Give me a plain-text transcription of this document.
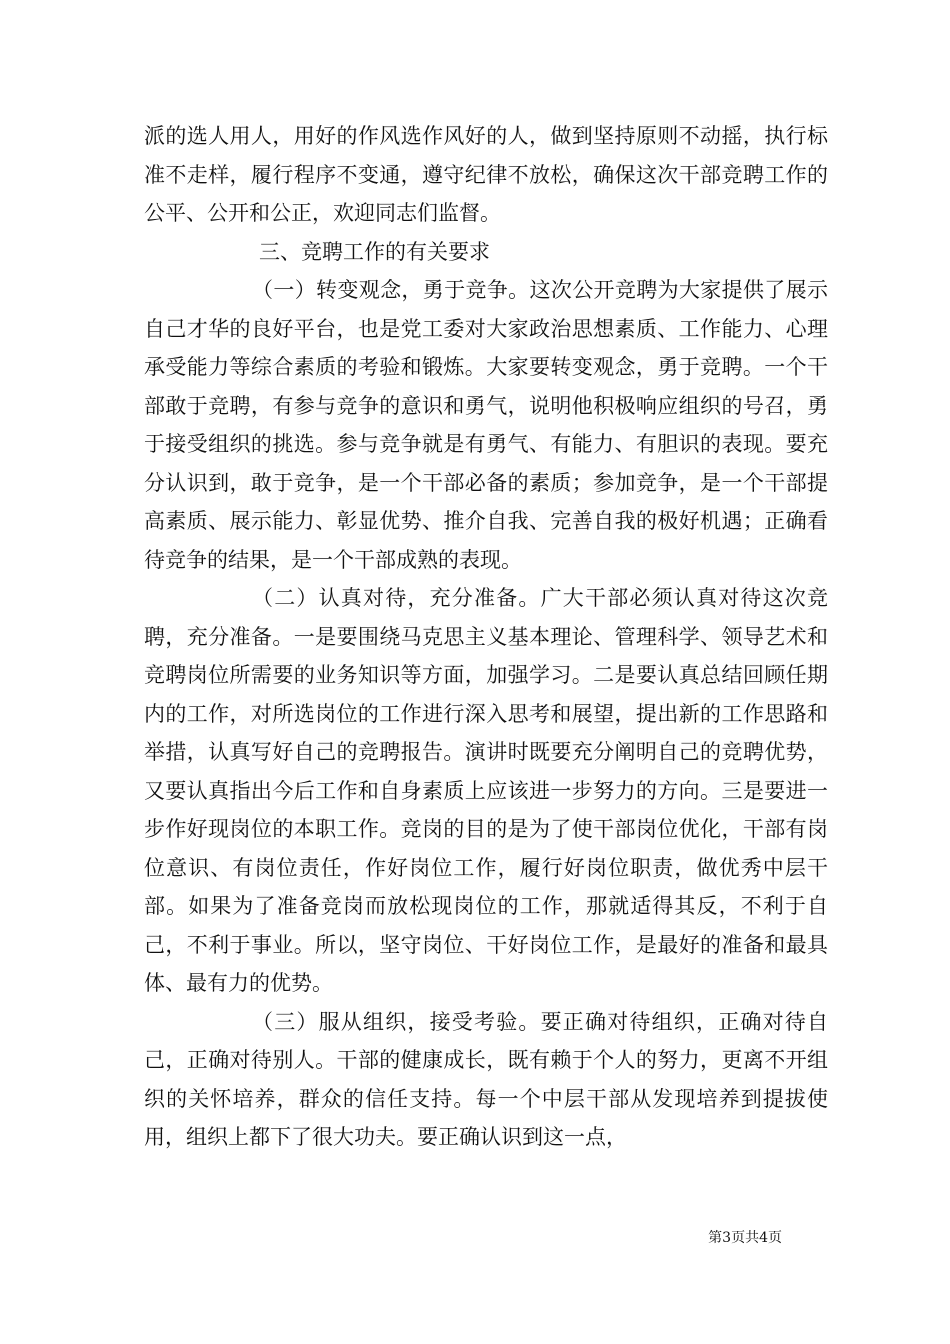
派的选人用人，用好的作风选作风好的人，做到坚持原则不动摇，执行标准不走样，履行程序不变通，遵守纪律不放松，确保这次干部竞聘工作的公平、公开和公正，欢迎同志们监督。

三、竞聘工作的有关要求

（一）转变观念，勇于竞争。这次公开竞聘为大家提供了展示自己才华的良好平台，也是党工委对大家政治思想素质、工作能力、心理承受能力等综合素质的考验和锻炼。大家要转变观念，勇于竞聘。一个干部敢于竞聘，有参与竞争的意识和勇气，说明他积极响应组织的号召，勇于接受组织的挑选。参与竞争就是有勇气、有能力、有胆识的表现。要充分认识到，敢于竞争，是一个干部必备的素质；参加竞争，是一个干部提高素质、展示能力、彰显优势、推介自我、完善自我的极好机遇；正确看待竞争的结果，是一个干部成熟的表现。

（二）认真对待，充分准备。广大干部必须认真对待这次竞聘，充分准备。一是要围绕马克思主义基本理论、管理科学、领导艺术和竞聘岗位所需要的业务知识等方面，加强学习。二是要认真总结回顾任期内的工作，对所选岗位的工作进行深入思考和展望，提出新的工作思路和举措，认真写好自己的竞聘报告。演讲时既要充分阐明自己的竞聘优势，又要认真指出今后工作和自身素质上应该进一步努力的方向。三是要进一步作好现岗位的本职工作。竞岗的目的是为了使干部岗位优化，干部有岗位意识、有岗位责任，作好岗位工作，履行好岗位职责，做优秀中层干部。如果为了准备竞岗而放松现岗位的工作，那就适得其反，不利于自己，不利于事业。所以，坚守岗位、干好岗位工作，是最好的准备和最具体、最有力的优势。

（三）服从组织，接受考验。要正确对待组织，正确对待自己，正确对待别人。干部的健康成长，既有赖于个人的努力，更离不开组织的关怀培养，群众的信任支持。每一个中层干部从发现培养到提拔使用，组织上都下了很大功夫。要正确认识到这一点，

第3页共4页
